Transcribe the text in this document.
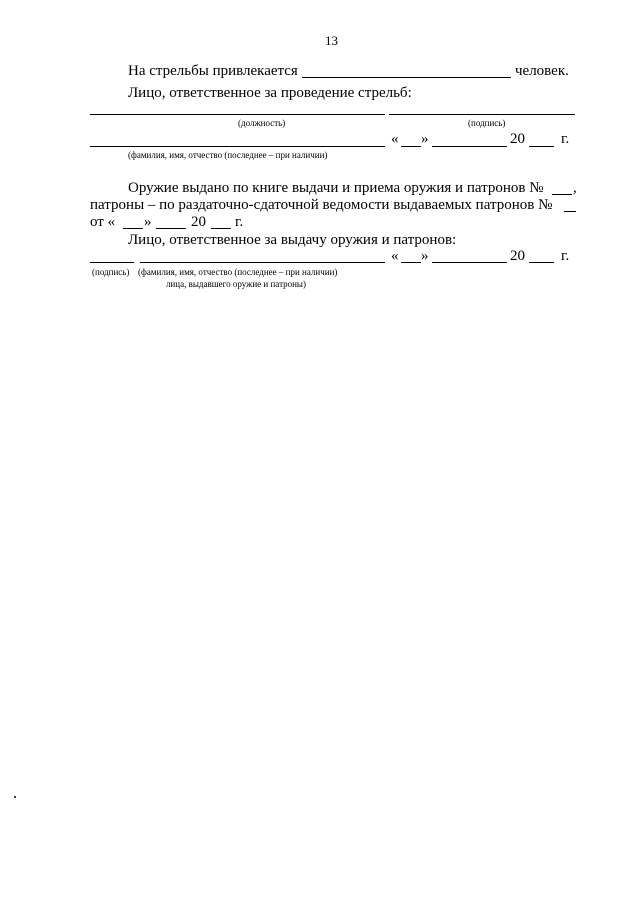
13
На стрельбы привлекается	человек.
Лицо, ответственное за проведение стрельб:
(должность)	(подпись)
« »	20 г.
(фамилия, имя, отчество (последнее – при наличии)
Оружие выдано по книге выдачи и приема оружия и патронов № ,
патроны – по раздаточно-сдаточной ведомости выдаваемых патронов №
от « »	20 г.
Лицо, ответственное за выдачу оружия и патронов:
« »	20 г.
(подпись) (фамилия, имя, отчество (последнее – при наличии)
лица, выдавшего оружие и патроны)
